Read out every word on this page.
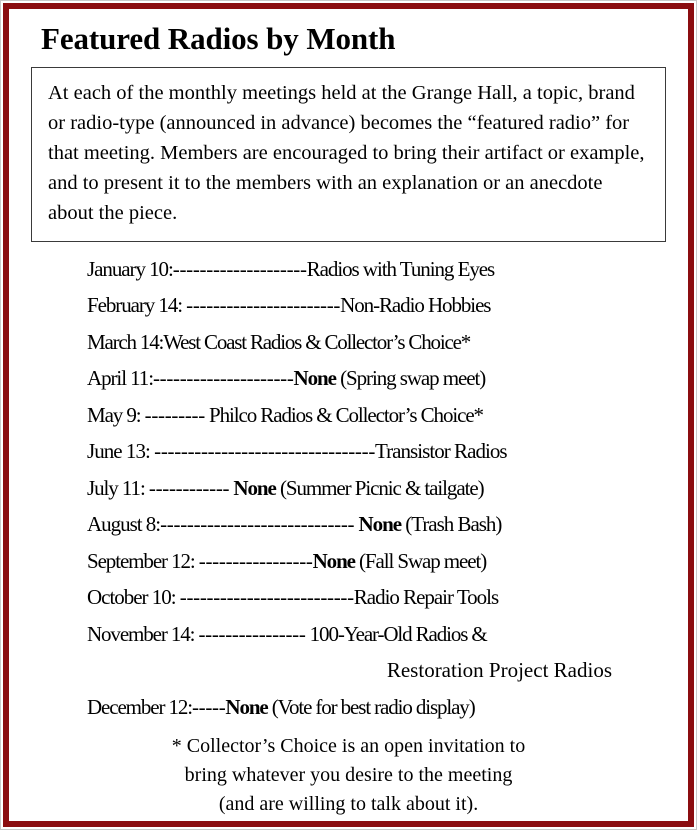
Featured Radios by Month

At each of the monthly meetings held at the Grange Hall, a topic, brand or radio-type (announced in advance) becomes the “featured radio” for that meeting. Members are encouraged to bring their artifact or example, and to present it to the members with an explanation or an anecdote about the piece.

January 10:--------------------Radios with Tuning Eyes
February 14: -----------------------Non-Radio Hobbies
March 14:West Coast Radios & Collector’s Choice*
April 11:---------------------None (Spring swap meet)
May 9: --------- Philco Radios & Collector’s Choice*
June 13: ---------------------------------Transistor Radios
July 11: ------------ None (Summer Picnic & tailgate)
August 8:----------------------------- None (Trash Bash)
September 12: -----------------None (Fall Swap meet)
October 10: --------------------------Radio Repair Tools
November 14: ---------------- 100-Year-Old Radios &
Restoration Project Radios
December 12:-----None (Vote for best radio display)
* Collector’s Choice is an open invitation to
bring whatever you desire to the meeting
(and are willing to talk about it).
